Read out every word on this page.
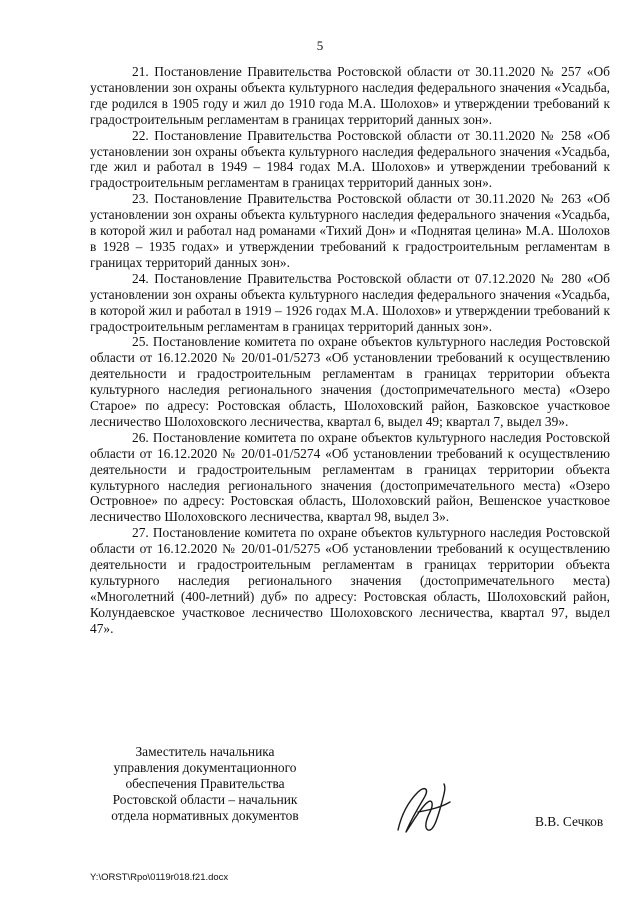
5

21. Постановление Правительства Ростовской области от 30.11.2020 № 257 «Об установлении зон охраны объекта культурного наследия федерального значения «Усадьба, где родился в 1905 году и жил до 1910 года М.А. Шолохов» и утверждении требований к градостроительным регламентам в границах территорий данных зон».

22. Постановление Правительства Ростовской области от 30.11.2020 № 258 «Об установлении зон охраны объекта культурного наследия федерального значения «Усадьба, где жил и работал в 1949 – 1984 годах М.А. Шолохов» и утверждении требований к градостроительным регламентам в границах территорий данных зон».

23. Постановление Правительства Ростовской области от 30.11.2020 № 263 «Об установлении зон охраны объекта культурного наследия федерального значения «Усадьба, в которой жил и работал над романами «Тихий Дон» и «Поднятая целина» М.А. Шолохов в 1928 – 1935 годах» и утверждении требований к градостроительным регламентам в границах территорий данных зон».

24. Постановление Правительства Ростовской области от 07.12.2020 № 280 «Об установлении зон охраны объекта культурного наследия федерального значения «Усадьба, в которой жил и работал в 1919 – 1926 годах М.А. Шолохов» и утверждении требований к градостроительным регламентам в границах территорий данных зон».

25. Постановление комитета по охране объектов культурного наследия Ростовской области от 16.12.2020 № 20/01-01/5273 «Об установлении требований к осуществлению деятельности и градостроительным регламентам в границах территории объекта культурного наследия регионального значения (достопримечательного места) «Озеро Старое» по адресу: Ростовская область, Шолоховский район, Базковское участковое лесничество Шолоховского лесничества, квартал 6, выдел 49; квартал 7, выдел 39».

26. Постановление комитета по охране объектов культурного наследия Ростовской области от 16.12.2020 № 20/01-01/5274 «Об установлении требований к осуществлению деятельности и градостроительным регламентам в границах территории объекта культурного наследия регионального значения (достопримечательного места) «Озеро Островное» по адресу: Ростовская область, Шолоховский район, Вешенское участковое лесничество Шолоховского лесничества, квартал 98, выдел 3».

27. Постановление комитета по охране объектов культурного наследия Ростовской области от 16.12.2020 № 20/01-01/5275 «Об установлении требований к осуществлению деятельности и градостроительным регламентам в границах территории объекта культурного наследия регионального значения (достопримечательного места) «Многолетний (400-летний) дуб» по адресу: Ростовская область, Шолоховский район, Колундаевское участковое лесничество Шолоховского лесничества, квартал 97, выдел 47».

Заместитель начальника
управления документационного
обеспечения Правительства
Ростовской области – начальник
отдела нормативных документов	В.В. Сечков
Y:\ORST\Rpo\0119r018.f21.docx
